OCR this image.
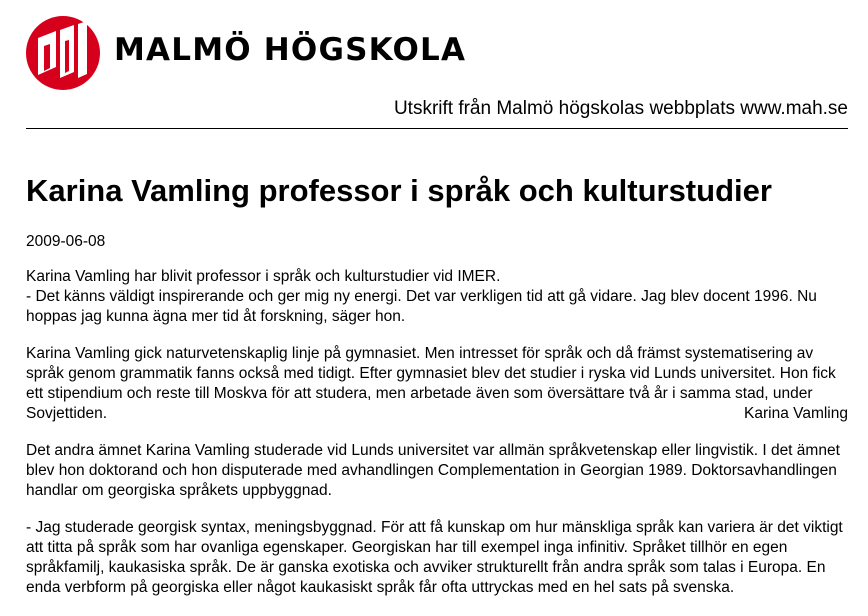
MALMÖ HÖGSKOLA
Utskrift från Malmö högskolas webbplats www.mah.se
Karina Vamling professor i språk och kulturstudier
2009-06-08

Karina Vamling har blivit professor i språk och kulturstudier vid IMER.
- Det känns väldigt inspirerande och ger mig ny energi. Det var verkligen tid att gå vidare. Jag blev docent 1996. Nu hoppas jag kunna ägna mer tid åt forskning, säger hon.

Karina Vamling gick naturvetenskaplig linje på gymnasiet. Men intresset för språk och då främst systematisering av språk genom grammatik fanns också med tidigt. Efter gymnasiet blev det studier i ryska vid Lunds universitet. Hon fick ett stipendium och reste till Moskva för att studera, men arbetade även som översättare två år i samma stad, under Sovjettiden.	Karina Vamling

Det andra ämnet Karina Vamling studerade vid Lunds universitet var allmän språkvetenskap eller lingvistik. I det ämnet blev hon doktorand och hon disputerade med avhandlingen Complementation in Georgian 1989. Doktorsavhandlingen handlar om georgiska språkets uppbyggnad.

- Jag studerade georgisk syntax, meningsbyggnad. För att få kunskap om hur mänskliga språk kan variera är det viktigt att titta på språk som har ovanliga egenskaper. Georgiskan har till exempel inga infinitiv. Språket tillhör en egen språkfamilj, kaukasiska språk. De är ganska exotiska och avviker strukturellt från andra språk som talas i Europa. En enda verbform på georgiska eller något kaukasiskt språk får ofta uttryckas med en hel sats på svenska.
